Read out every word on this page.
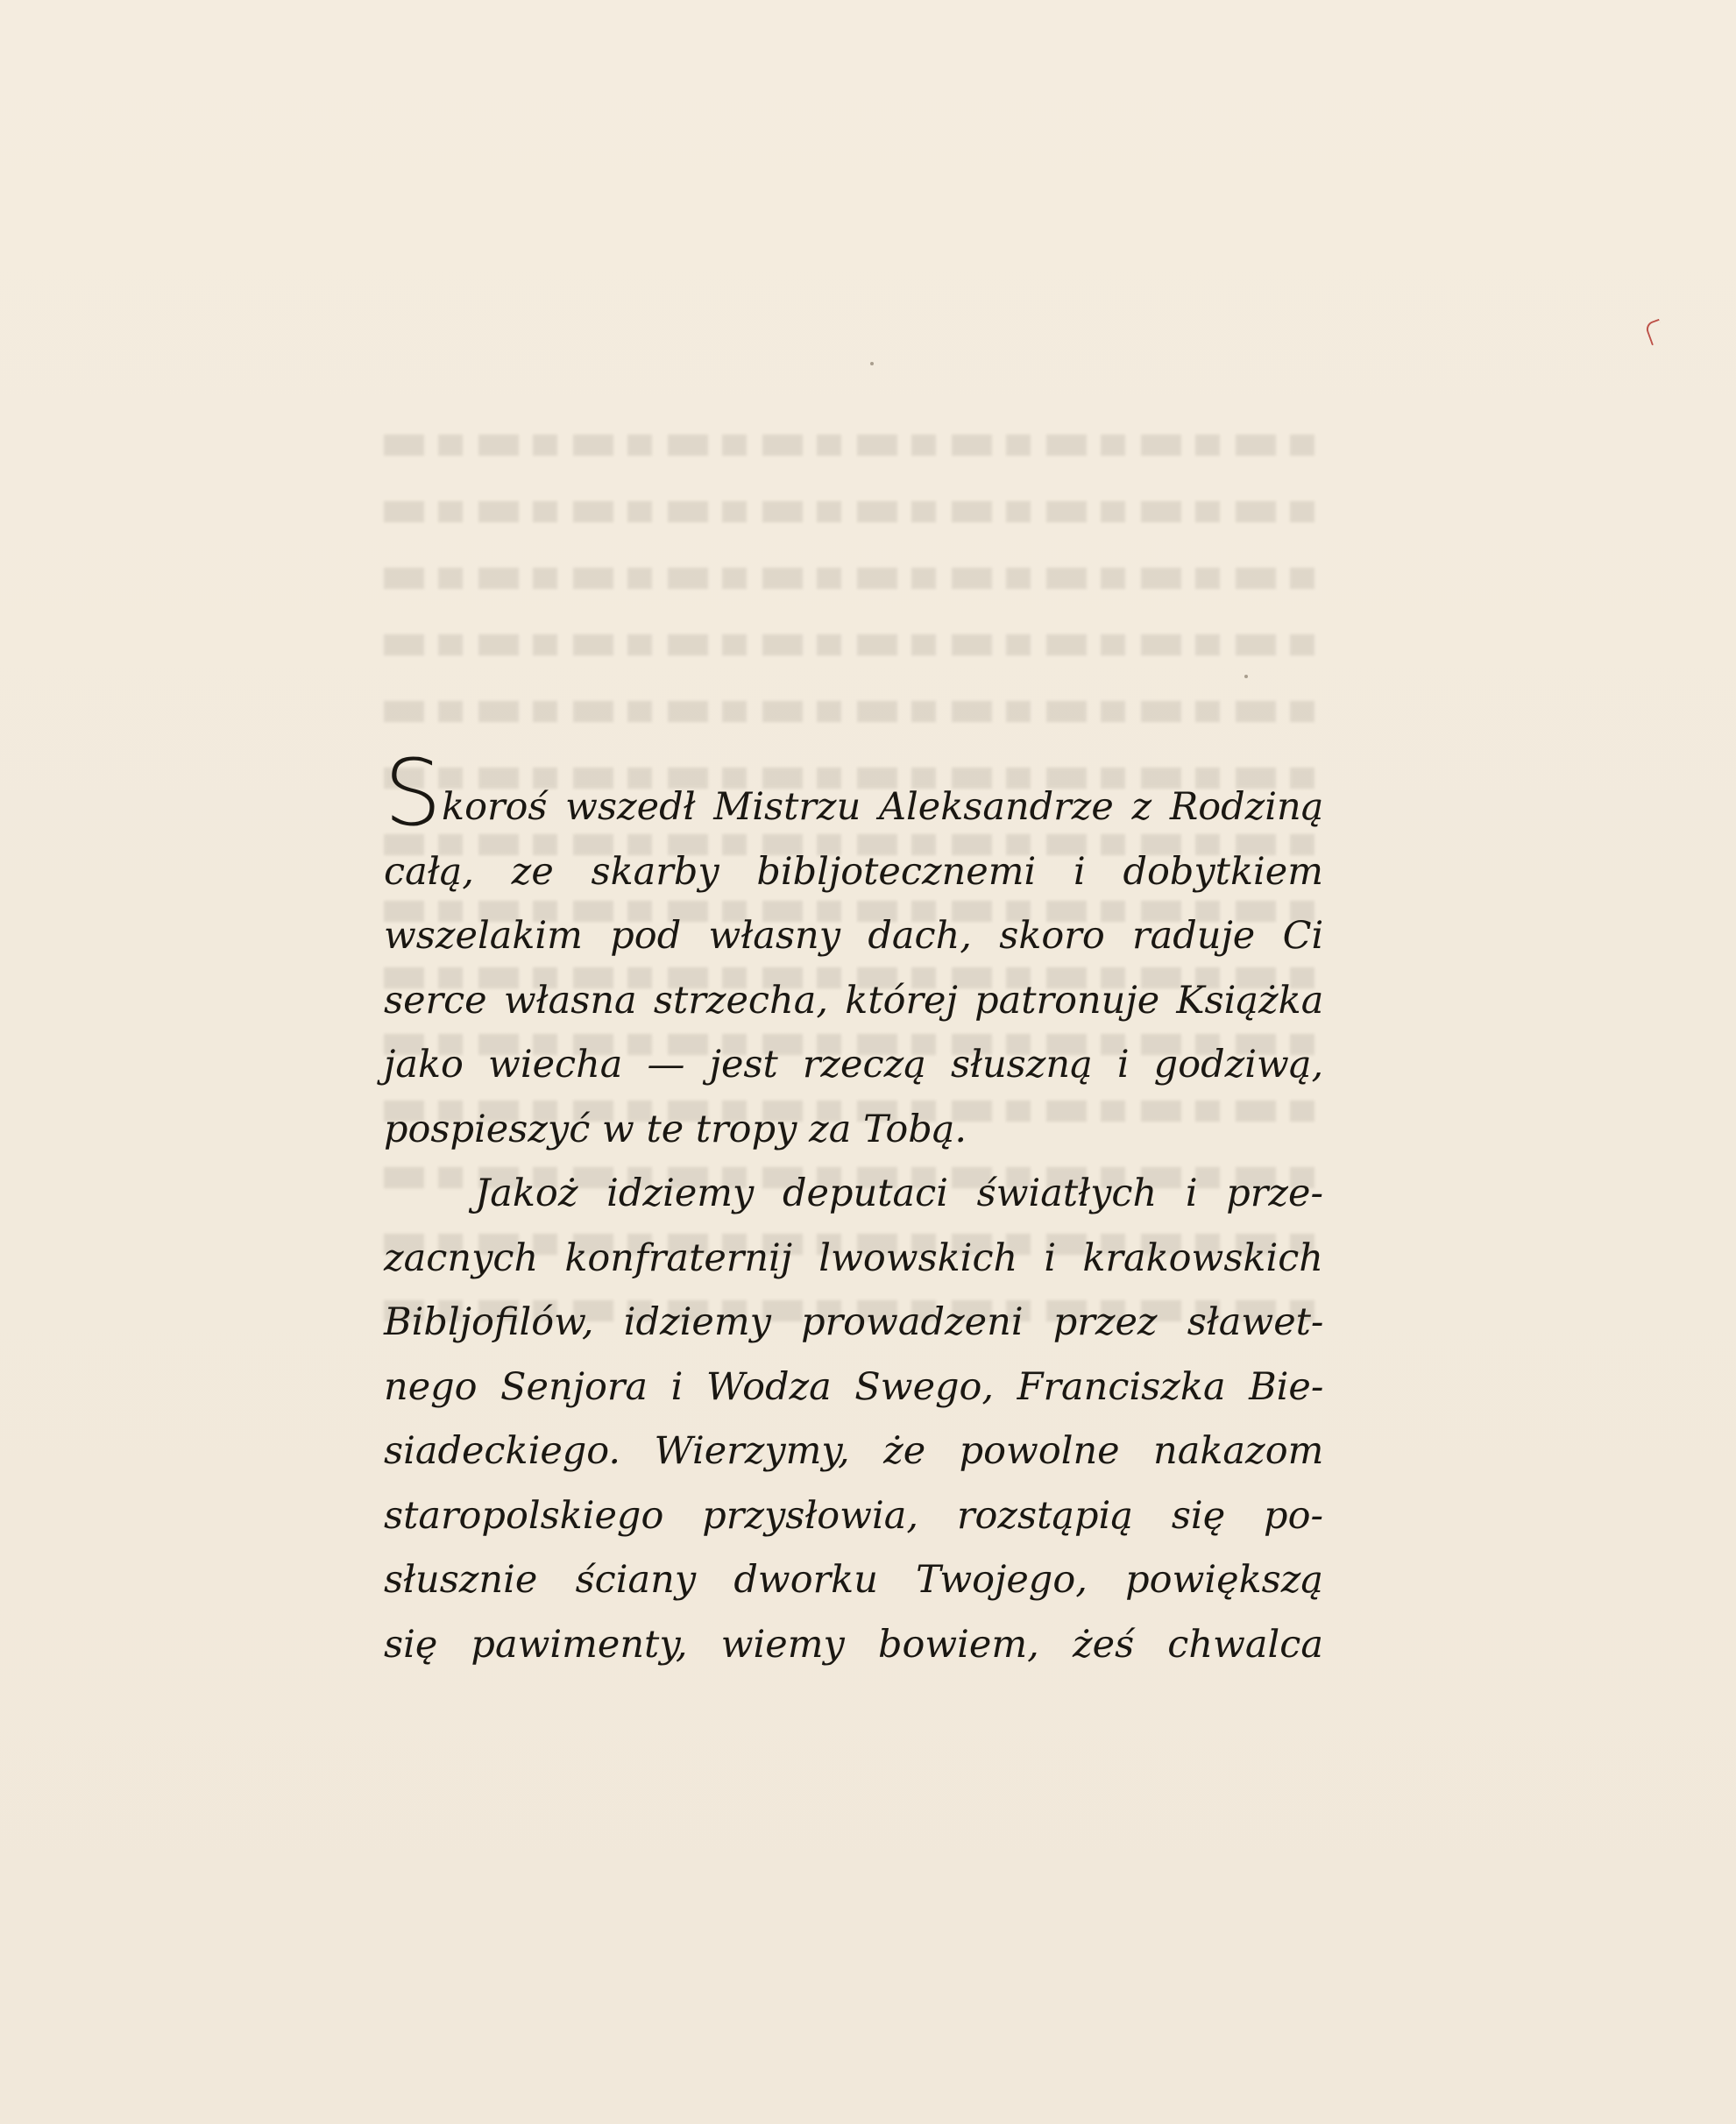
Skoroś wszedł Mistrzu Aleksandrze z Rodziną
całą, ze skarby bibljotecznemi i dobytkiem
wszelakim pod własny dach, skoro raduje Ci
serce własna strzecha, której patronuje Książka
jako wiecha — jest rzeczą słuszną i godziwą,
pospieszyć w te tropy za Tobą.

Jakoż idziemy deputaci światłych i prze-
zacnych konfraternij lwowskich i krakowskich
Bibljofilów, idziemy prowadzeni przez sławet-
nego Senjora i Wodza Swego, Franciszka Bie-
siadeckiego. Wierzymy, że powolne nakazom
staropolskiego przysłowia, rozstąpią się po-
słusznie ściany dworku Twojego, powiększą
się pawimenty, wiemy bowiem, żeś chwalca
